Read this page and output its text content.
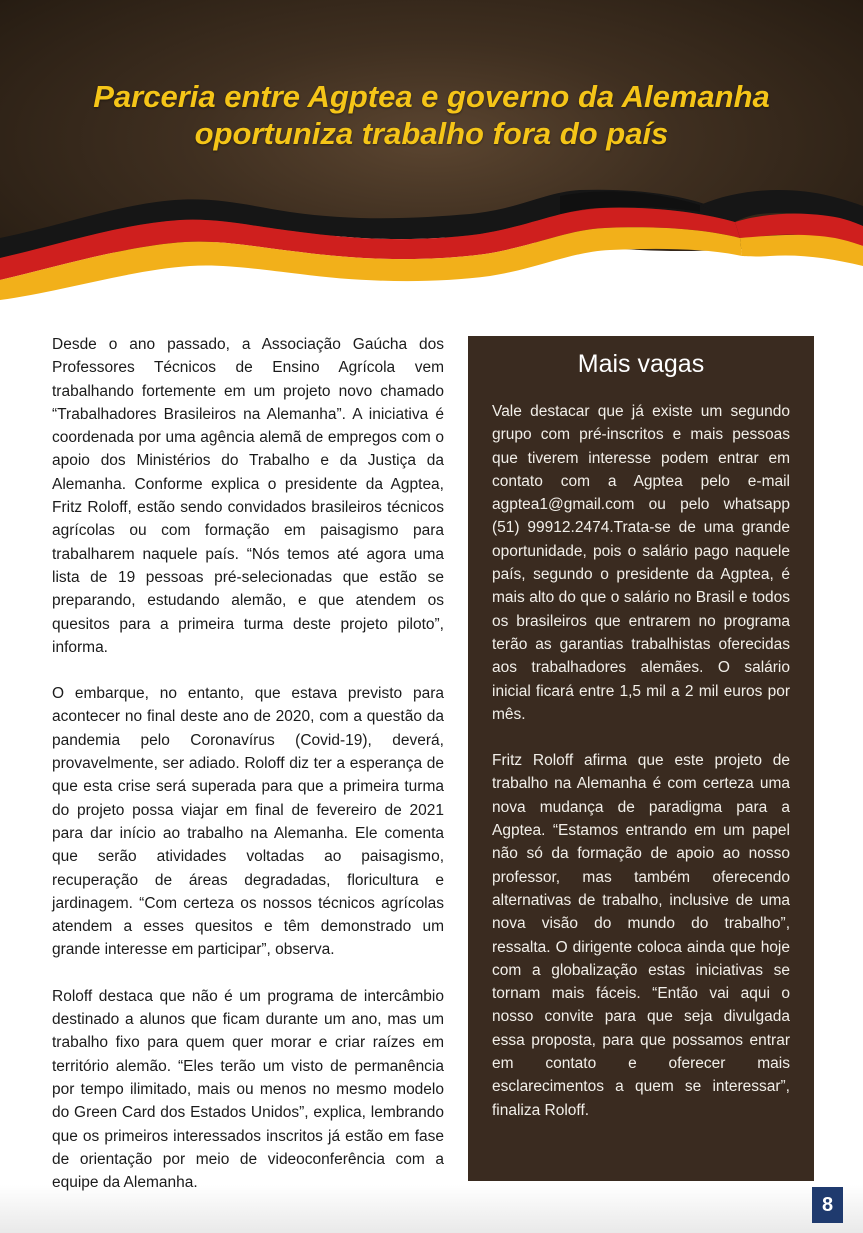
Parceria entre Agptea e governo da Alemanha
oportuniza trabalho fora do país

Desde o ano passado, a Associação Gaúcha dos Professores Técnicos de Ensino Agrícola vem trabalhando fortemente em um projeto novo chamado “Trabalhadores Brasileiros na Alemanha”. A iniciativa é coordenada por uma agência alemã de empregos com o apoio dos Ministérios do Trabalho e da Justiça da Alemanha. Conforme explica o presidente da Agptea, Fritz Roloff, estão sendo convidados brasileiros técnicos agrícolas ou com formação em paisagismo para trabalharem naquele país. “Nós temos até agora uma lista de 19 pessoas pré-selecionadas que estão se preparando, estudando alemão, e que atendem os quesitos para a primeira turma deste projeto piloto”, informa.

O embarque, no entanto, que estava previsto para acontecer no final deste ano de 2020, com a questão da pandemia pelo Coronavírus (Covid-19), deverá, provavelmente, ser adiado. Roloff diz ter a esperança de que esta crise será superada para que a primeira turma do projeto possa viajar em final de fevereiro de 2021 para dar início ao trabalho na Alemanha. Ele comenta que serão atividades voltadas ao paisagismo, recuperação de áreas degradadas, floricultura e jardinagem. “Com certeza os nossos técnicos agrícolas atendem a esses quesitos e têm demonstrado um grande interesse em participar”, observa.

Roloff destaca que não é um programa de intercâmbio destinado a alunos que ficam durante um ano, mas um trabalho fixo para quem quer morar e criar raízes em território alemão. “Eles terão um visto de permanência por tempo ilimitado, mais ou menos no mesmo modelo do Green Card dos Estados Unidos”, explica, lembrando que os primeiros interessados inscritos já estão em fase de orientação por meio de videoconferência com a equipe da Alemanha.

Mais vagas

Vale destacar que já existe um segundo grupo com pré-inscritos e mais pessoas que tiverem interesse podem entrar em contato com a Agptea pelo e-mail agptea1@gmail.com ou pelo whatsapp (51) 99912.2474.Trata-se de uma grande oportunidade, pois o salário pago naquele país, segundo o presidente da Agptea, é mais alto do que o salário no Brasil e todos os brasileiros que entrarem no programa terão as garantias trabalhistas oferecidas aos trabalhadores alemães. O salário inicial ficará entre 1,5 mil a 2 mil euros por mês.

Fritz Roloff afirma que este projeto de trabalho na Alemanha é com certeza uma nova mudança de paradigma para a Agptea. “Estamos entrando em um papel não só da formação de apoio ao nosso professor, mas também oferecendo alternativas de trabalho, inclusive de uma nova visão do mundo do trabalho”, ressalta. O dirigente coloca ainda que hoje com a globalização estas iniciativas se tornam mais fáceis. “Então vai aqui o nosso convite para que seja divulgada essa proposta, para que possamos entrar em contato e oferecer mais esclarecimentos a quem se interessar”, finaliza Roloff.

8
